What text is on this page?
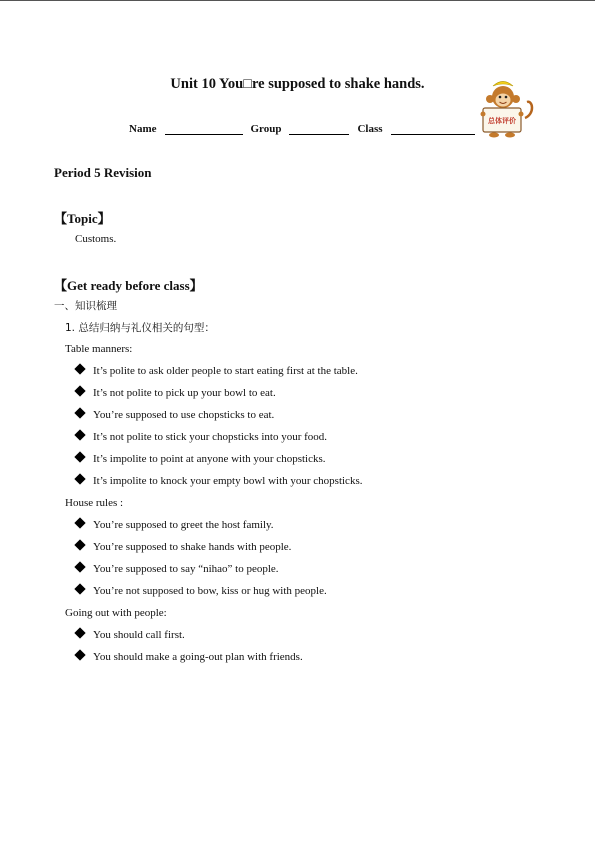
Unit 10 You□re supposed to shake hands.
Name	Group	Class
总体评价
Period 5 Revision
【Topic】
Customs.
【Get ready before class】
一、知识梳理
1. 总结归纳与礼仪相关的句型：
Table manners:
It’s polite to ask older people to start eating first at the table.
It’s not polite to pick up your bowl to eat.
You’re supposed to use chopsticks to eat.
It’s not polite to stick your chopsticks into your food.
It’s impolite to point at anyone with your chopsticks.
It’s impolite to knock your empty bowl with your chopsticks.
House rules :
You’re supposed to greet the host family.
You’re supposed to shake hands with people.
You’re supposed to say “nihao” to people.
You’re not supposed to bow, kiss or hug with people.
Going out with people:
You should call first.
You should make a going-out plan with friends.
